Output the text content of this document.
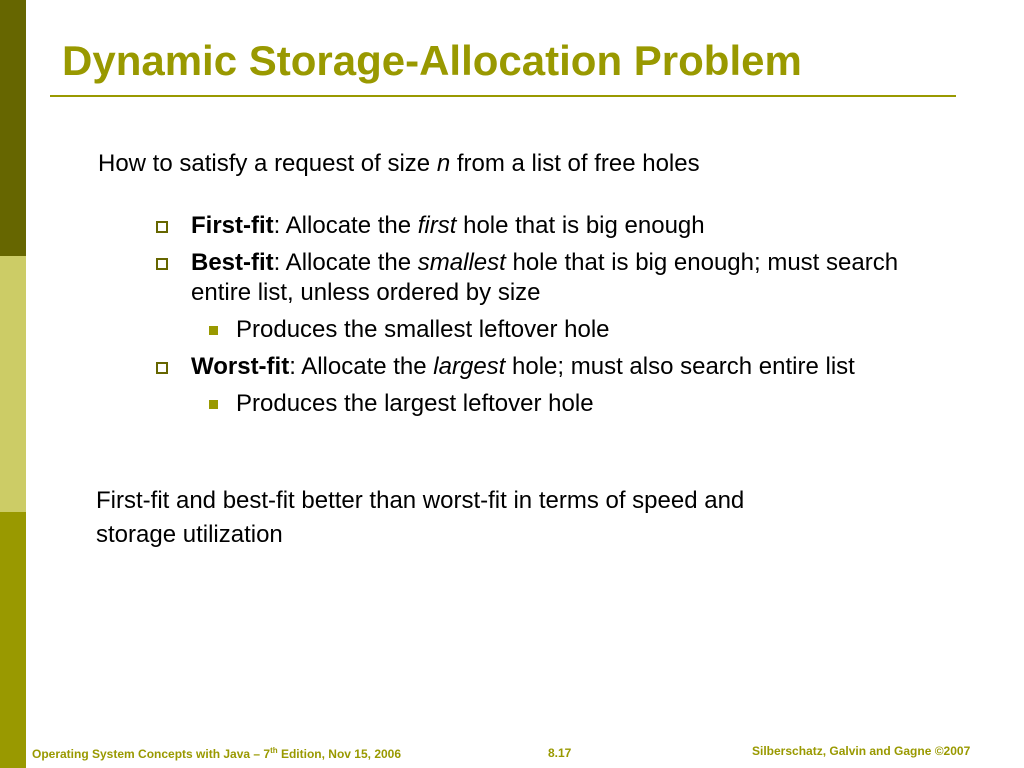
Dynamic Storage-Allocation Problem
How to satisfy a request of size n from a list of free holes
First-fit: Allocate the first hole that is big enough
Best-fit: Allocate the smallest hole that is big enough; must search entire list, unless ordered by size
Produces the smallest leftover hole
Worst-fit: Allocate the largest hole; must also search entire list
Produces the largest leftover hole
First-fit and best-fit better than worst-fit in terms of speed and storage utilization
Operating System Concepts with Java – 7th Edition, Nov 15, 2006	8.17	Silberschatz, Galvin and Gagne ©2007
